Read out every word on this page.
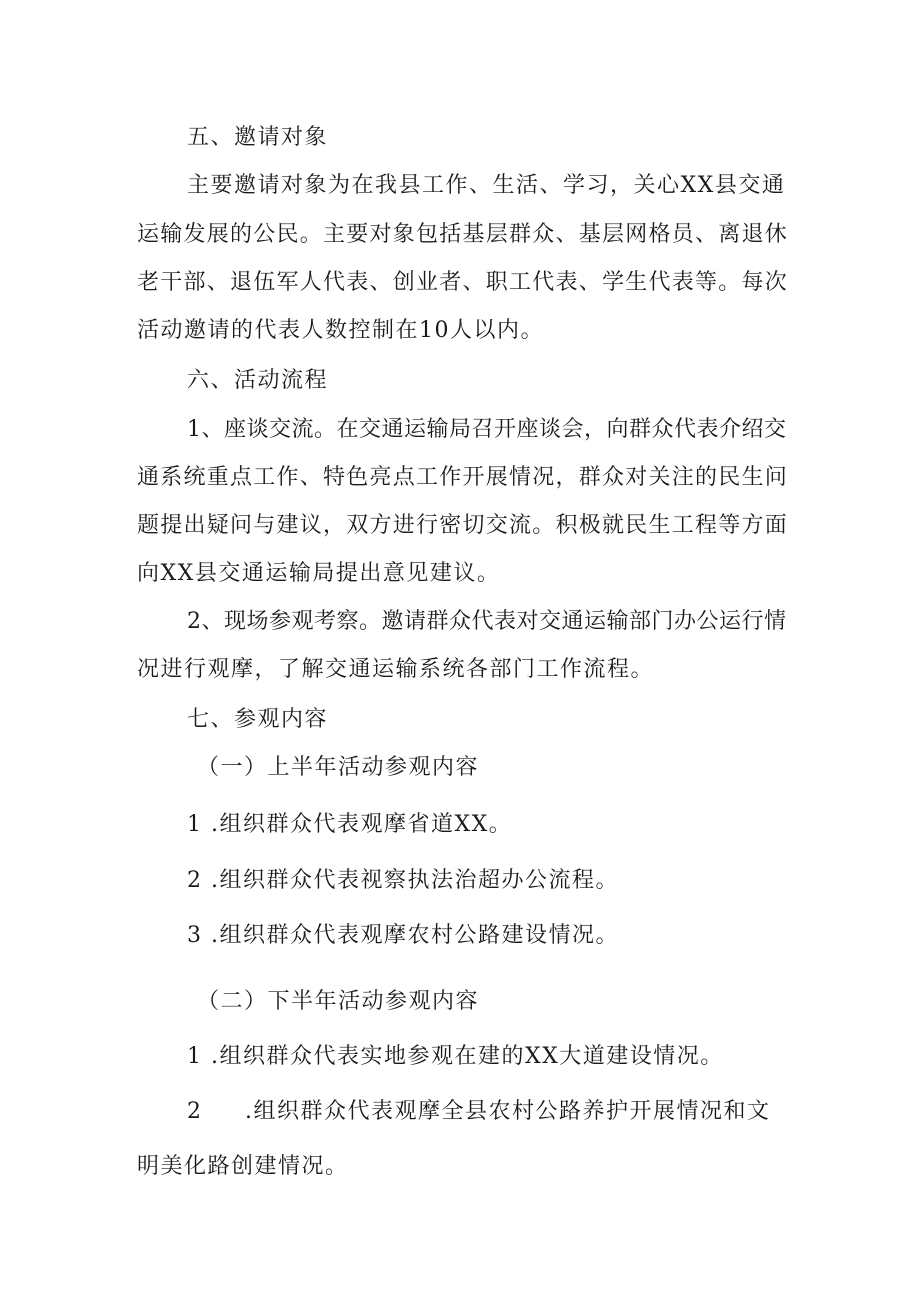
五、邀请对象
主要邀请对象为在我县工作、生活、学习，关心XX县交通
运输发展的公民。主要对象包括基层群众、基层网格员、离退休
老干部、退伍军人代表、创业者、职工代表、学生代表等。每次
活动邀请的代表人数控制在10人以内。
六、活动流程
1、座谈交流。在交通运输局召开座谈会，向群众代表介绍交
通系统重点工作、特色亮点工作开展情况，群众对关注的民生问
题提出疑问与建议，双方进行密切交流。积极就民生工程等方面
向XX县交通运输局提出意见建议。
2、现场参观考察。邀请群众代表对交通运输部门办公运行情
况进行观摩，了解交通运输系统各部门工作流程。
七、参观内容
（一）上半年活动参观内容
1 .组织群众代表观摩省道XX。
2 .组织群众代表视察执法治超办公流程。
3 .组织群众代表观摩农村公路建设情况。
（二）下半年活动参观内容
1 .组织群众代表实地参观在建的XX大道建设情况。
2 .组织群众代表观摩全县农村公路养护开展情况和文
明美化路创建情况。
